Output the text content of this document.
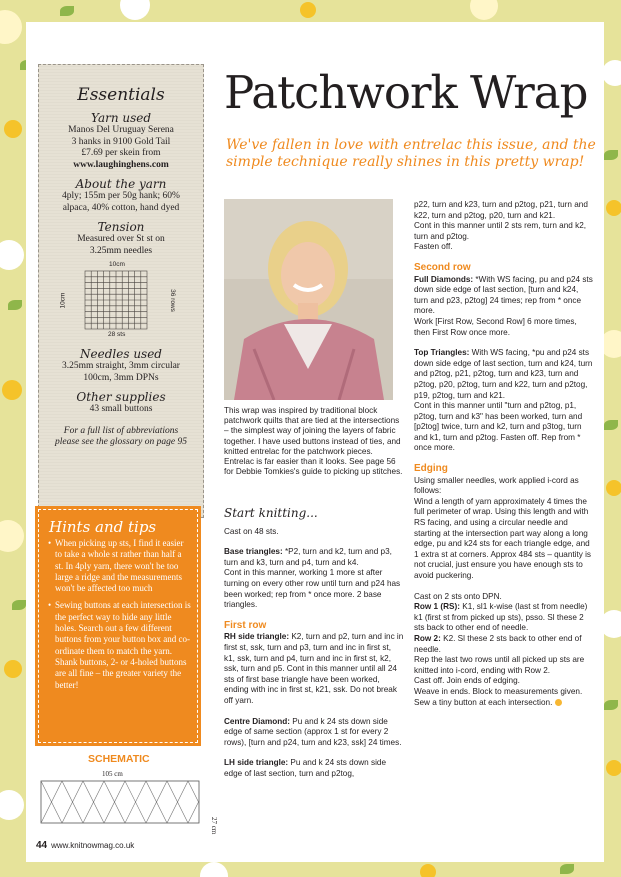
Essentials
Yarn used
Manos Del Uruguay Serena
3 hanks in 9100 Gold Tail
£7.69 per skein from
www.laughinghens.com
About the yarn
4ply; 155m per 50g hank; 60%
alpaca, 40% cotton, hand dyed
Tension
Measured over St st on
3.25mm needles
10cm
10cm	36 rows
28 sts
Needles used
3.25mm straight, 3mm circular
100cm, 3mm DPNs
Other supplies
43 small buttons
For a full list of abbreviations
please see the glossary on page 95
Hints and tips
• When picking up sts, I find it easier to take a whole st rather than half a st. In 4ply yarn, there won't be too large a ridge and the measurements won't be affected too much
• Sewing buttons at each intersection is the perfect way to hide any little holes. Search out a few different buttons from your button box and co-ordinate them to match the yarn. Shank buttons, 2- or 4-holed buttons are all fine – the greater variety the better!
SCHEMATIC
105 cm
27 cm
Patchwork Wrap
We've fallen in love with entrelac this issue, and the simple technique really shines in this pretty wrap!
This wrap was inspired by traditional block patchwork quilts that are tied at the intersections – the simplest way of joining the layers of fabric together. I have used buttons instead of ties, and knitted entrelac for the patchwork pieces. Entrelac is far easier than it looks. See page 56 for Debbie Tomkies's guide to picking up stitches.
Start knitting...

Cast on 48 sts.

Base triangles: *P2, turn and k2, turn and p3, turn and k3, turn and p4, turn and k4.
Cont in this manner, working 1 more st after turning on every other row until turn and p24 has been worked; rep from * once more. 2 base triangles.

First row

RH side triangle: K2, turn and p2, turn and inc in first st, ssk, turn and p3, turn and inc in first st, k1, ssk, turn and p4, turn and inc in first st, k2, ssk, turn and p5. Cont in this manner until all 24 sts of first base triangle have been worked, ending with inc in first st, k21, ssk. Do not break off yarn.

Centre Diamond: Pu and k 24 sts down side edge of same section (approx 1 st for every 2 rows), [turn and p24, turn and k23, ssk] 24 times.

LH side triangle: Pu and k 24 sts down side edge of last section, turn and p2tog,

p22, turn and k23, turn and p2tog, p21, turn and k22, turn and p2tog, p20, turn and k21.

Cont in this manner until 2 sts rem, turn and k2, turn and p2tog.

Fasten off.

Second row

Full Diamonds: *With WS facing, pu and p24 sts down side edge of last section, [turn and k24, turn and p23, p2tog] 24 times; rep from * once more.

Work [First Row, Second Row] 6 more times, then First Row once more.

Top Triangles: With WS facing, *pu and p24 sts down side edge of last section, turn and k24, turn and p2tog, p21, p2tog, turn and k23, turn and p2tog, p20, p2tog, turn and k22, turn and p2tog, p19, p2tog, turn and k21.
Cont in this manner until "turn and p2tog, p1, p2tog, turn and k3" has been worked, turn and [p2tog] twice, turn and k2, turn and p3tog, turn and k1, turn and p2tog. Fasten off. Rep from * once more.

Edging

Using smaller needles, work applied i-cord as follows:

Wind a length of yarn approximately 4 times the full perimeter of wrap. Using this length and with RS facing, and using a circular needle and starting at the intersection part way along a long edge, pu and k24 sts for each triangle edge, and 1 extra st at corners. Approx 484 sts – quantity is not crucial, just ensure you have enough sts to avoid puckering.

Cast on 2 sts onto DPN.

Row 1 (RS): K1, sl1 k-wise (last st from needle) k1 (first st from picked up sts), psso. Sl these 2 sts back to other end of needle.

Row 2: K2. Sl these 2 sts back to other end of needle.

Rep the last two rows until all picked up sts are knitted into i-cord, ending with Row 2.

Cast off. Join ends of edging.

Weave in ends. Block to measurements given.

Sew a tiny button at each intersection.

44 www.knitnowmag.co.uk
